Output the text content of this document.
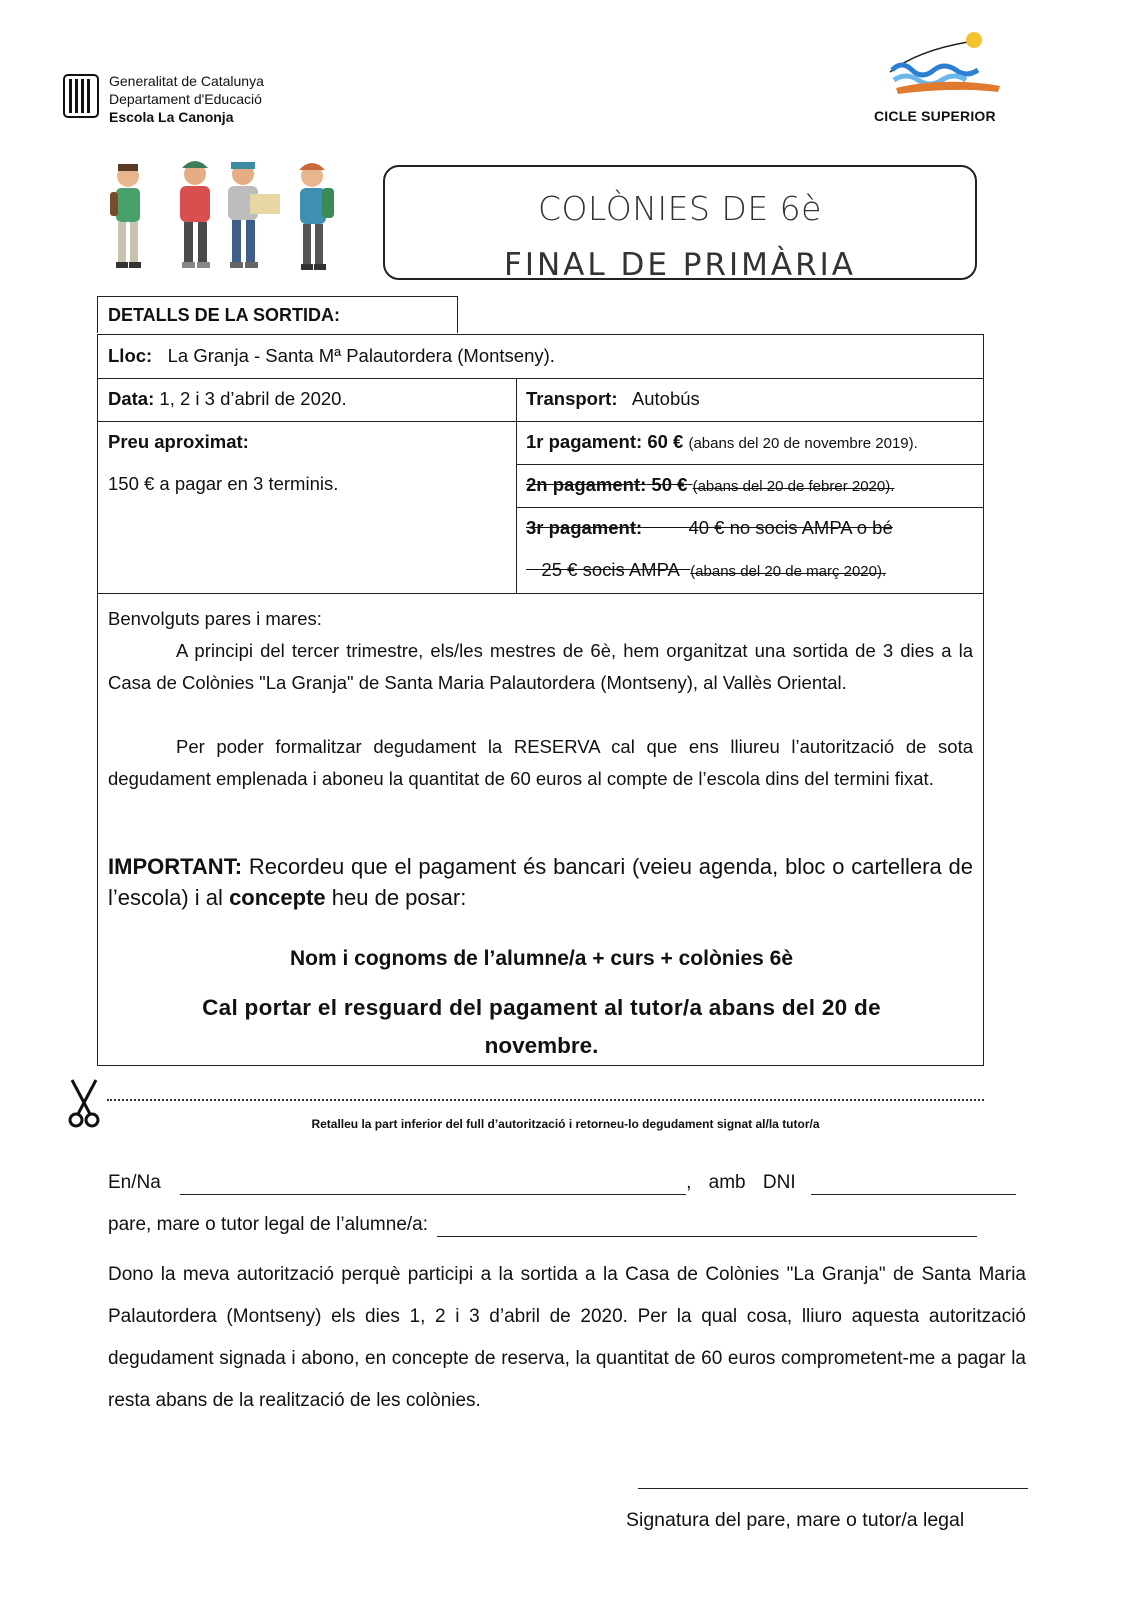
Generalitat de Catalunya
Departament d'Educació
Escola La Canonja	CICLE SUPERIOR
COLÒNIES DE 6è
FINAL DE PRIMÀRIA
DETALLS DE LA SORTIDA:
Lloc: La Granja - Santa Mª Palautordera (Montseny).
Data: 1, 2 i 3 d’abril de 2020.	Transport: Autobús
Preu aproximat:
150 € a pagar en 3 terminis.
1r pagament: 60 € (abans del 20 de novembre 2019).
2n pagament: 50 € (abans del 20 de febrer 2020).
3r pagament:	40 € no socis AMPA o bé
25 € socis AMPA (abans del 20 de març 2020).
Benvolguts pares i mares:
A principi del tercer trimestre, els/les mestres de 6è, hem organitzat una sortida de 3 dies a la Casa de Colònies "La Granja" de Santa Maria Palautordera (Montseny), al Vallès Oriental.
Per poder formalitzar degudament la RESERVA cal que ens lliureu l’autorització de sota degudament emplenada i aboneu la quantitat de 60 euros al compte de l’escola dins del termini fixat.
IMPORTANT: Recordeu que el pagament és bancari (veieu agenda, bloc o cartellera de l’escola) i al concepte heu de posar:
Nom i cognoms de l’alumne/a + curs + colònies 6è
Cal portar el resguard del pagament al tutor/a abans del 20 de
novembre.
Retalleu la part inferior del full d’autorització i retorneu-lo degudament signat al/la tutor/a
En/Na	, amb DNI
pare, mare o tutor legal de l’alumne/a:
Dono la meva autorització perquè participi a la sortida a la Casa de Colònies "La Granja" de Santa Maria Palautordera (Montseny) els dies 1, 2 i 3 d’abril de 2020. Per la qual cosa, lliuro aquesta autorització degudament signada i abono, en concepte de reserva, la quantitat de 60 euros comprometent-me a pagar la resta abans de la realització de les colònies.
Signatura del pare, mare o tutor/a legal
